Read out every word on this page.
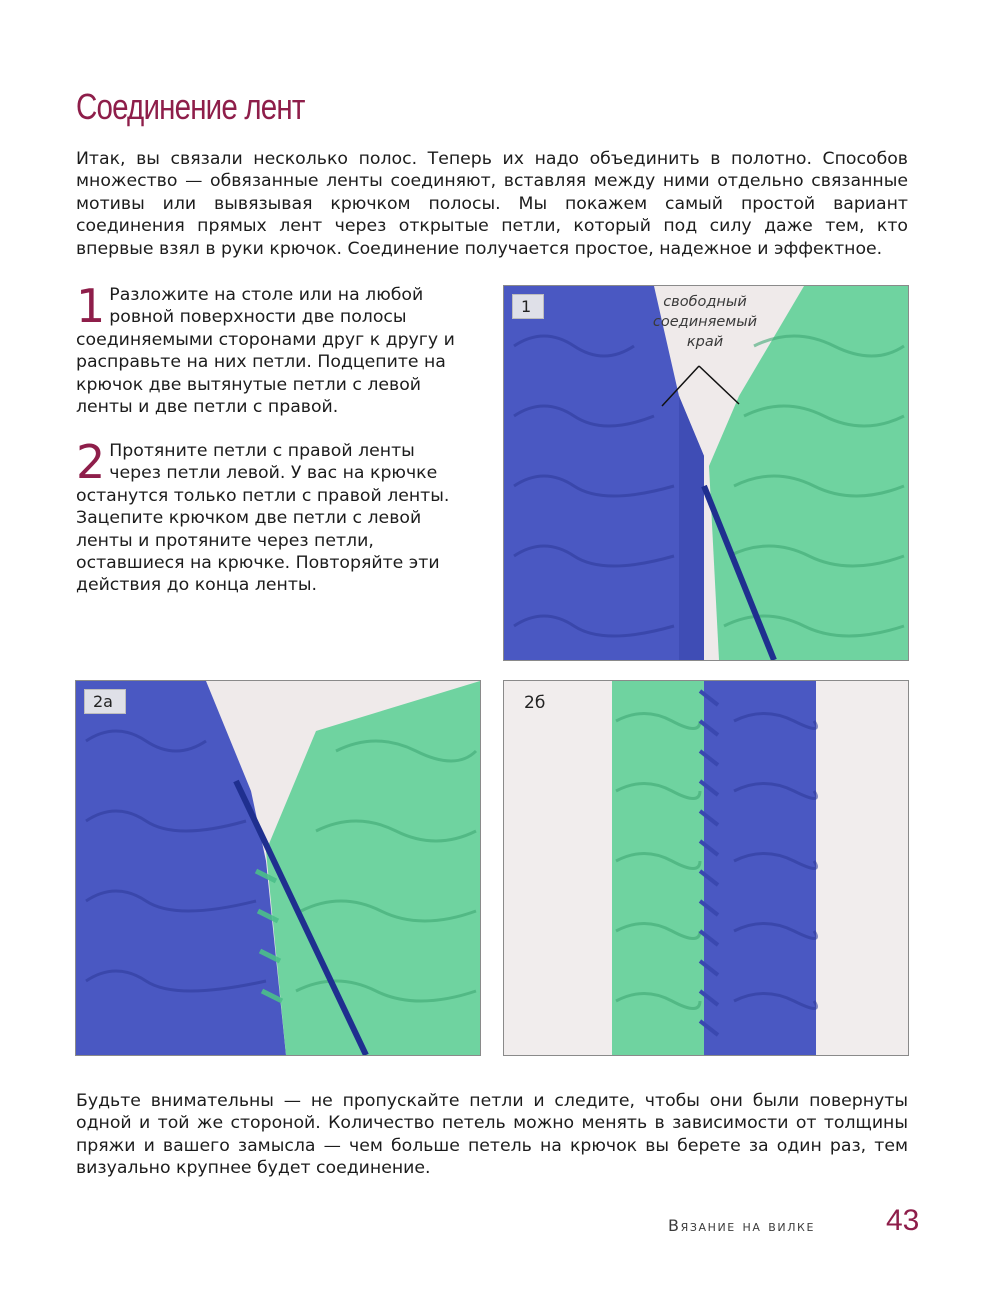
Соединение лент

Итак, вы связали несколько полос. Теперь их надо объединить в полотно. Способов множество — обвязанные ленты соединяют, вставляя между ними отдельно связанные мотивы или вывязывая крючком полосы. Мы покажем самый простой вариант соединения прямых лент через открытые петли, который под силу даже тем, кто впервые взял в руки крючок. Соединение получается простое, надежное и эффектное.

1 Разложите на столе или на любой ровной поверхности две полосы соединяемыми сторонами друг к другу и расправьте на них петли. Подцепите на крючок две вытянутые петли с левой ленты и две петли с правой.

2 Протяните петли с правой ленты через петли левой. У вас на крючке останутся только петли с правой ленты. Зацепите крючком две петли с левой ленты и протяните через петли, оставшиеся на крючке. Повторяйте эти действия до конца ленты.

1	свободный
соединяемый
край
2а	2б

Будьте внимательны — не пропускайте петли и следите, чтобы они были повернуты одной и той же стороной. Количество петель можно менять в зависимости от толщины пряжи и вашего замысла — чем больше петель на крючок вы берете за один раз, тем визуально крупнее будет соединение.

Вязание на вилке 43
